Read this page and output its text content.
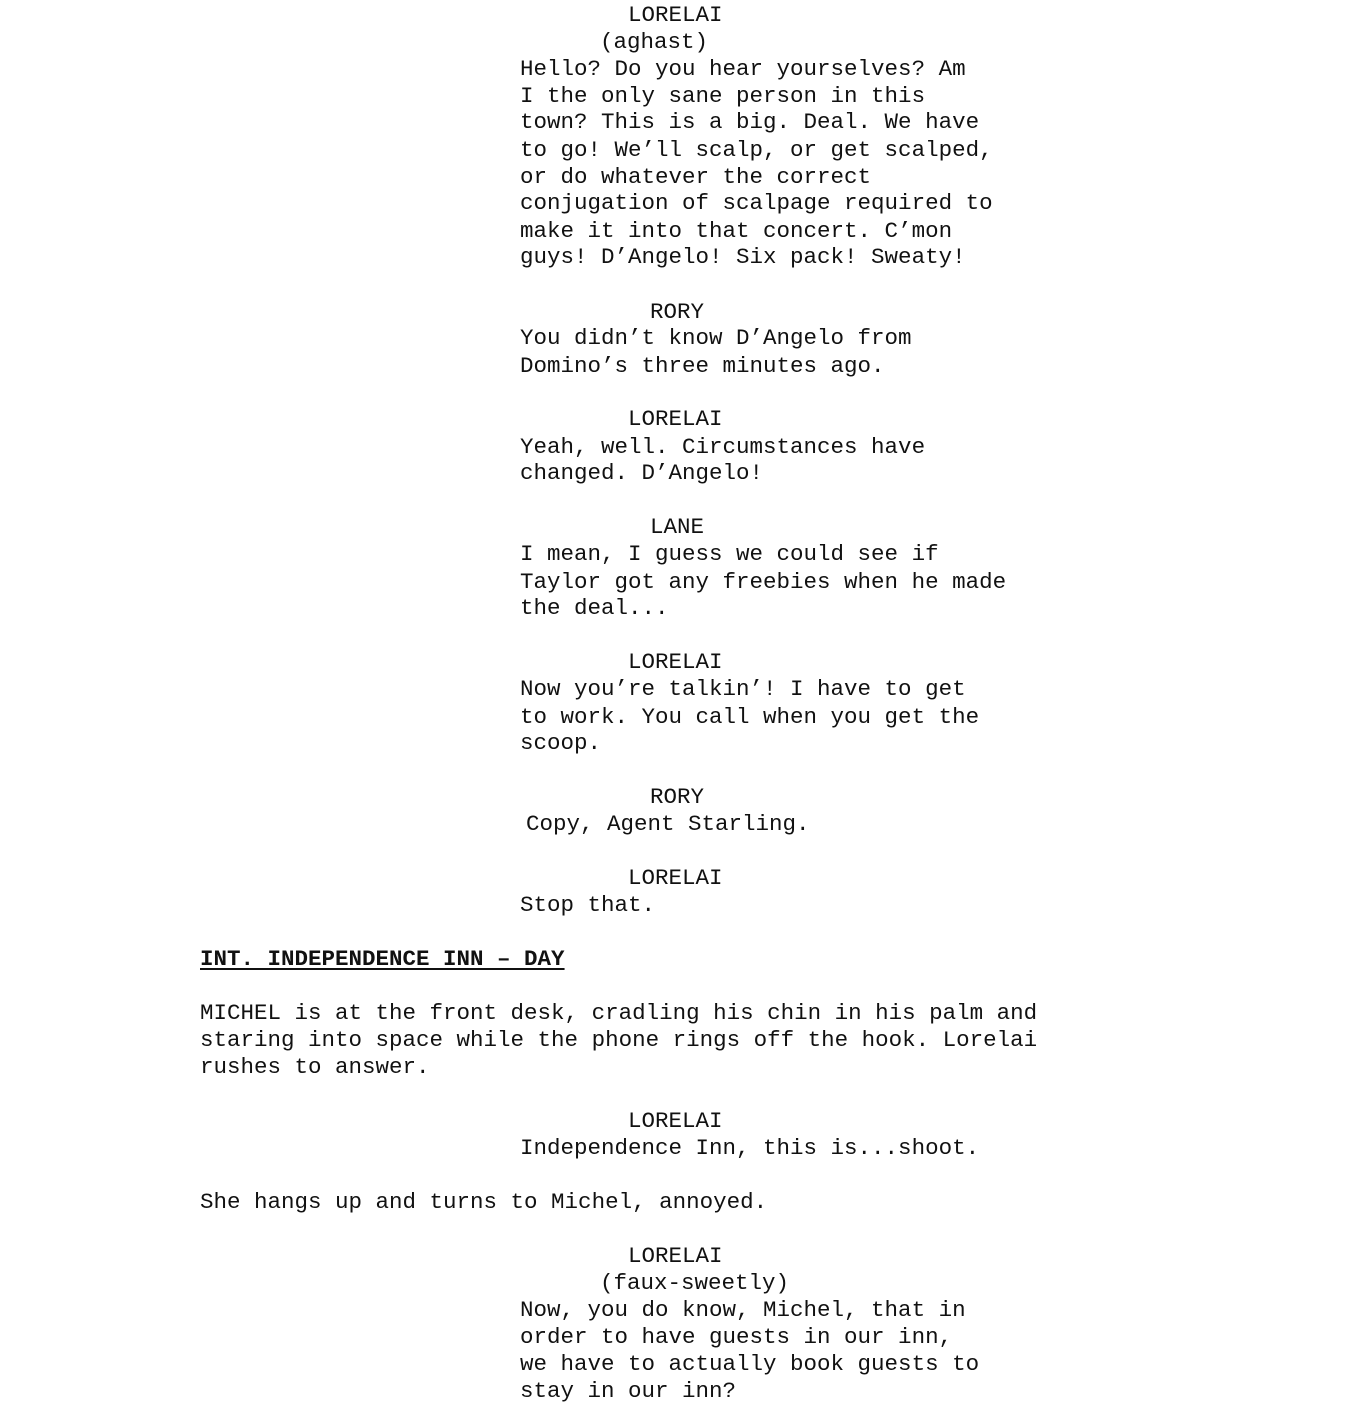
LORELAI

(aghast)

Hello? Do you hear yourselves? Am

I the only sane person in this

town? This is a big. Deal. We have

to go! We’ll scalp, or get scalped,

or do whatever the correct

conjugation of scalpage required to

make it into that concert. C’mon

guys! D’Angelo! Six pack! Sweaty!

RORY

You didn’t know D’Angelo from

Domino’s three minutes ago.

LORELAI

Yeah, well. Circumstances have

changed. D’Angelo!

LANE

I mean, I guess we could see if

Taylor got any freebies when he made

the deal...

LORELAI

Now you’re talkin’! I have to get

to work. You call when you get the

scoop.

RORY

Copy, Agent Starling.

LORELAI

Stop that.

INT. INDEPENDENCE INN – DAY

MICHEL is at the front desk, cradling his chin in his palm and

staring into space while the phone rings off the hook. Lorelai

rushes to answer.

LORELAI

Independence Inn, this is...shoot.

She hangs up and turns to Michel, annoyed.

LORELAI

(faux-sweetly)

Now, you do know, Michel, that in

order to have guests in our inn,

we have to actually book guests to

stay in our inn?
